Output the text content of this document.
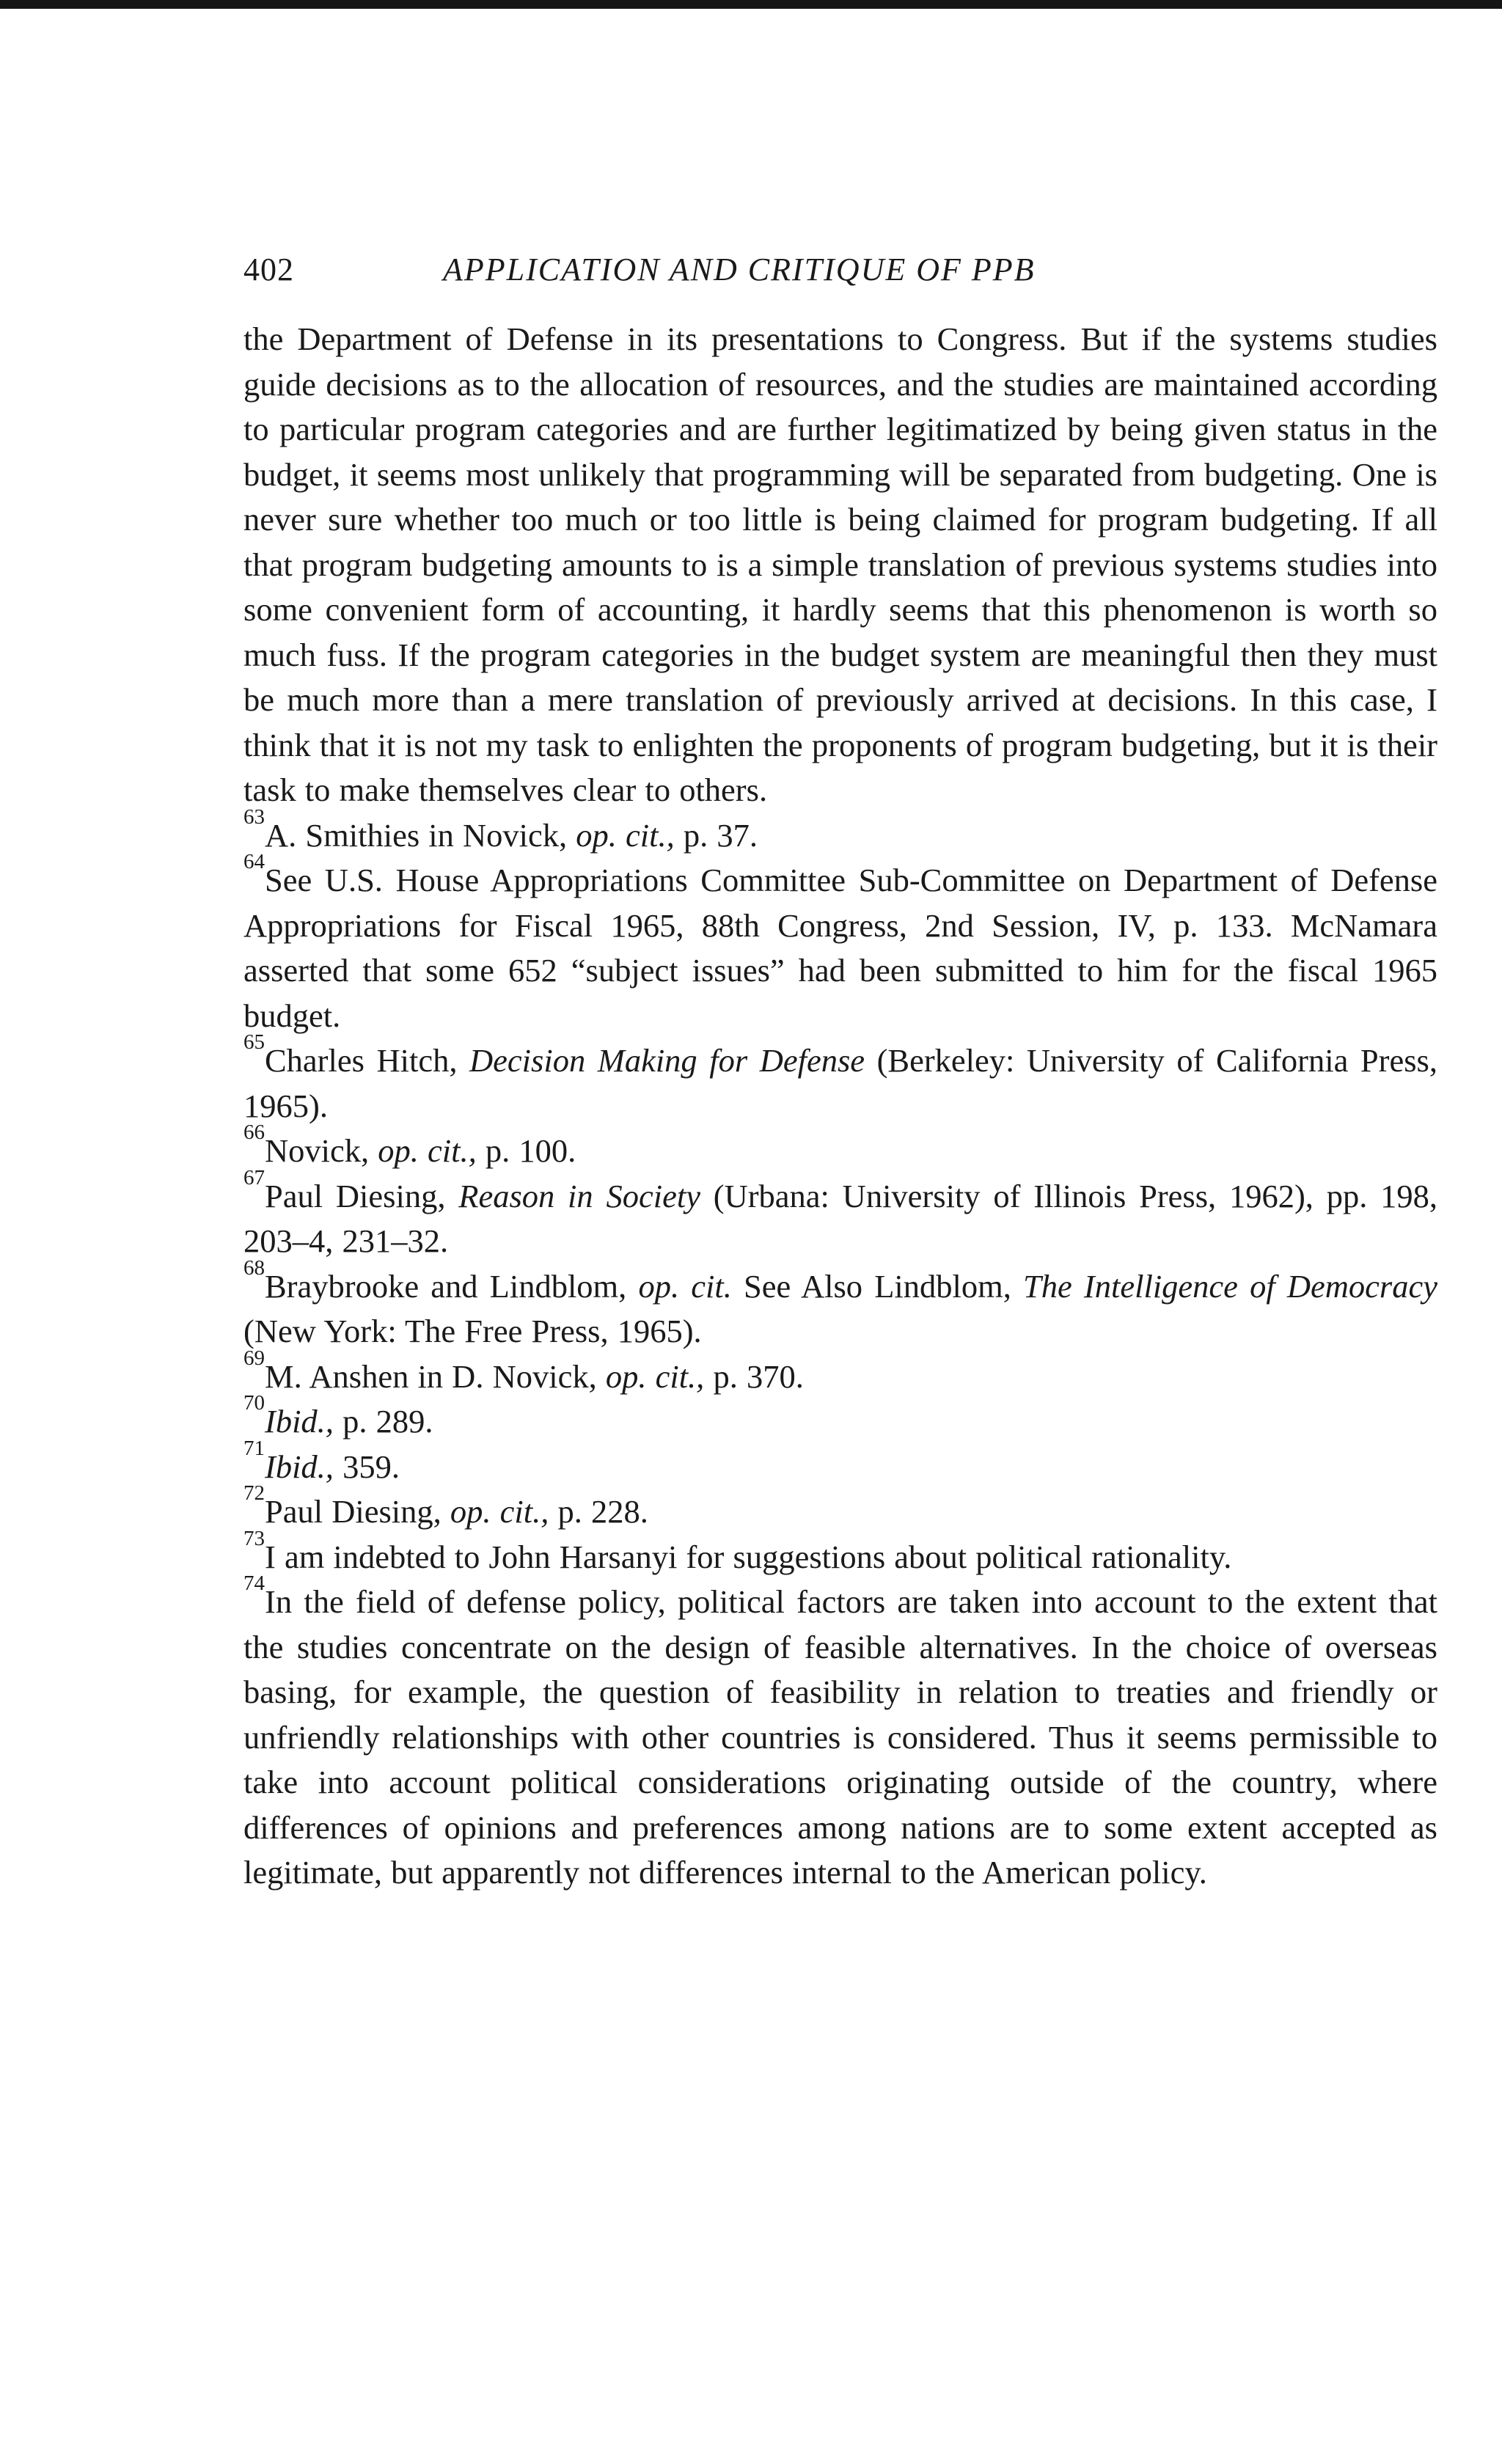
402	APPLICATION AND CRITIQUE OF PPB

the Department of Defense in its presentations to Congress. But if the systems studies guide decisions as to the allocation of resources, and the studies are maintained according to particular program categories and are further legitimatized by being given status in the budget, it seems most unlikely that programming will be separated from budgeting. One is never sure whether too much or too little is being claimed for program budgeting. If all that program budgeting amounts to is a simple translation of previous systems studies into some convenient form of accounting, it hardly seems that this phenomenon is worth so much fuss. If the program categories in the budget system are meaningful then they must be much more than a mere translation of previously arrived at decisions. In this case, I think that it is not my task to enlighten the proponents of program budgeting, but it is their task to make themselves clear to others.

$^{63}$A. Smithies in Novick, op. cit., p. 37.

$^{64}$See U.S. House Appropriations Committee Sub-Committee on Department of Defense Appropriations for Fiscal 1965, 88th Congress, 2nd Session, IV, p. 133. McNamara asserted that some 652 “subject issues” had been submitted to him for the fiscal 1965 budget.

$^{65}$Charles Hitch, Decision Making for Defense (Berkeley: University of California Press, 1965).

$^{66}$Novick, op. cit., p. 100.

$^{67}$Paul Diesing, Reason in Society (Urbana: University of Illinois Press, 1962), pp. 198, 203–4, 231–32.

$^{68}$Braybrooke and Lindblom, op. cit. See Also Lindblom, The Intelligence of Democracy (New York: The Free Press, 1965).

$^{69}$M. Anshen in D. Novick, op. cit., p. 370.

$^{70}$Ibid., p. 289.

$^{71}$Ibid., 359.

$^{72}$Paul Diesing, op. cit., p. 228.

$^{73}$I am indebted to John Harsanyi for suggestions about political rationality.

$^{74}$In the field of defense policy, political factors are taken into account to the extent that the studies concentrate on the design of feasible alternatives. In the choice of overseas basing, for example, the question of feasibility in relation to treaties and friendly or unfriendly relationships with other countries is considered. Thus it seems permissible to take into account political considerations originating outside of the country, where differences of opinions and preferences among nations are to some extent accepted as legitimate, but apparently not differences internal to the American policy.
